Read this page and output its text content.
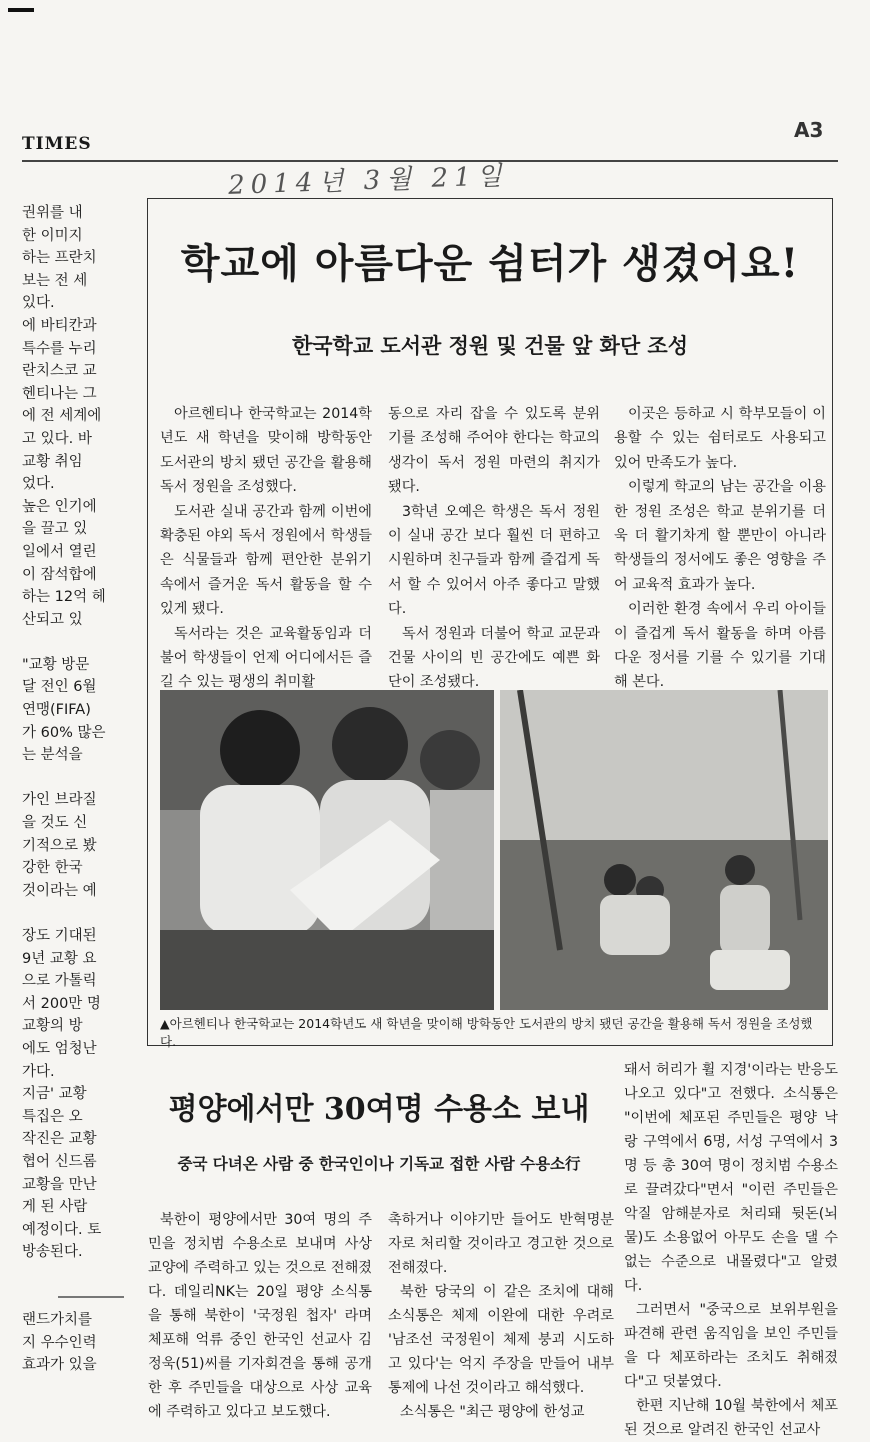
TIMES
A3
2014년 3월 21일
권위를 내
한 이미지
하는 프란치
보는 전 세
있다.
에 바티칸과
특수를 누리
란치스코 교
헨티나는 그
에 전 세계에
고 있다. 바
교황 취임
었다.
높은 인기에
을 끌고 있
일에서 열린
이 잠석합에
하는 12억 헤
산되고 있
"교황 방문
달 전인 6월
연맹(FIFA)
가 60% 많은
는 분석을
가인 브라질
을 것도 신
기적으로 봤
강한 한국
것이라는 예
장도 기대된
9년 교황 요
으로 가톨릭
서 200만 명
교황의 방
에도 엄청난
가다.
지금' 교황
특집은 오
작진은 교황
협어 신드롬
교황을 만난
게 된 사람
예정이다. 토
방송된다.
랜드가치를
지 우수인력
효과가 있을
학교에 아름다운 쉼터가 생겼어요!
한국학교 도서관 정원 및 건물 앞 화단 조성

아르헨티나 한국학교는 2014학년도 새 학년을 맞이해 방학동안 도서관의 방치 됐던 공간을 활용해 독서 정원을 조성했다.

도서관 실내 공간과 함께 이번에 확충된 야외 독서 정원에서 학생들은 식물들과 함께 편안한 분위기 속에서 즐거운 독서 활동을 할 수 있게 됐다.

독서라는 것은 교육활동임과 더불어 학생들이 언제 어디에서든 즐길 수 있는 평생의 취미활

동으로 자리 잡을 수 있도록 분위기를 조성해 주어야 한다는 학교의 생각이 독서 정원 마련의 취지가 됐다.

3학년 오예은 학생은 독서 정원이 실내 공간 보다 훨씬 더 편하고 시원하며 친구들과 함께 즐겁게 독서 할 수 있어서 아주 좋다고 말했다.

독서 정원과 더불어 학교 교문과 건물 사이의 빈 공간에도 예쁜 화단이 조성됐다.

이곳은 등하교 시 학부모들이 이용할 수 있는 쉼터로도 사용되고 있어 만족도가 높다.

이렇게 학교의 남는 공간을 이용한 정원 조성은 학교 분위기를 더욱 더 활기차게 할 뿐만이 아니라 학생들의 정서에도 좋은 영향을 주어 교육적 효과가 높다.

이러한 환경 속에서 우리 아이들이 즐겁게 독서 활동을 하며 아름다운 정서를 기를 수 있기를 기대해 본다.

▲아르헨티나 한국학교는 2014학년도 새 학년을 맞이해 방학동안 도서관의 방치 됐던 공간을 활용해 독서 정원을 조성했다.
평양에서만 30여명 수용소 보내
중국 다녀온 사람 중 한국인이나 기독교 접한 사람 수용소行

북한이 평양에서만 30여 명의 주민을 정치범 수용소로 보내며 사상 교양에 주력하고 있는 것으로 전해졌다. 데일리NK는 20일 평양 소식통을 통해 북한이 '국정원 첩자' 라며 체포해 억류 중인 한국인 선교사 김정욱(51)씨를 기자회견을 통해 공개한 후 주민들을 대상으로 사상 교육에 주력하고 있다고 보도했다.

촉하거나 이야기만 들어도 반혁명분자로 처리할 것이라고 경고한 것으로 전해졌다.

북한 당국의 이 같은 조치에 대해 소식통은 체제 이완에 대한 우려로 '남조선 국정원이 체제 붕괴 시도하고 있다'는 억지 주장을 만들어 내부 통제에 나선 것이라고 해석했다.

소식통은 "최근 평양에 한성교

돼서 허리가 휠 지경'이라는 반응도 나오고 있다"고 전했다. 소식통은 "이번에 체포된 주민들은 평양 낙랑 구역에서 6명, 서성 구역에서 3명 등 총 30여 명이 정치범 수용소로 끌려갔다"면서 "이런 주민들은 악질 암해분자로 처리돼 뒷돈(뇌물)도 소용없어 아무도 손을 댈 수 없는 수준으로 내몰렸다"고 알렸다.

그러면서 "중국으로 보위부원을 파견해 관련 움직임을 보인 주민들을 다 체포하라는 조치도 취해졌다"고 덧붙였다.

한편 지난해 10월 북한에서 체포된 것으로 알려진 한국인 선교사
